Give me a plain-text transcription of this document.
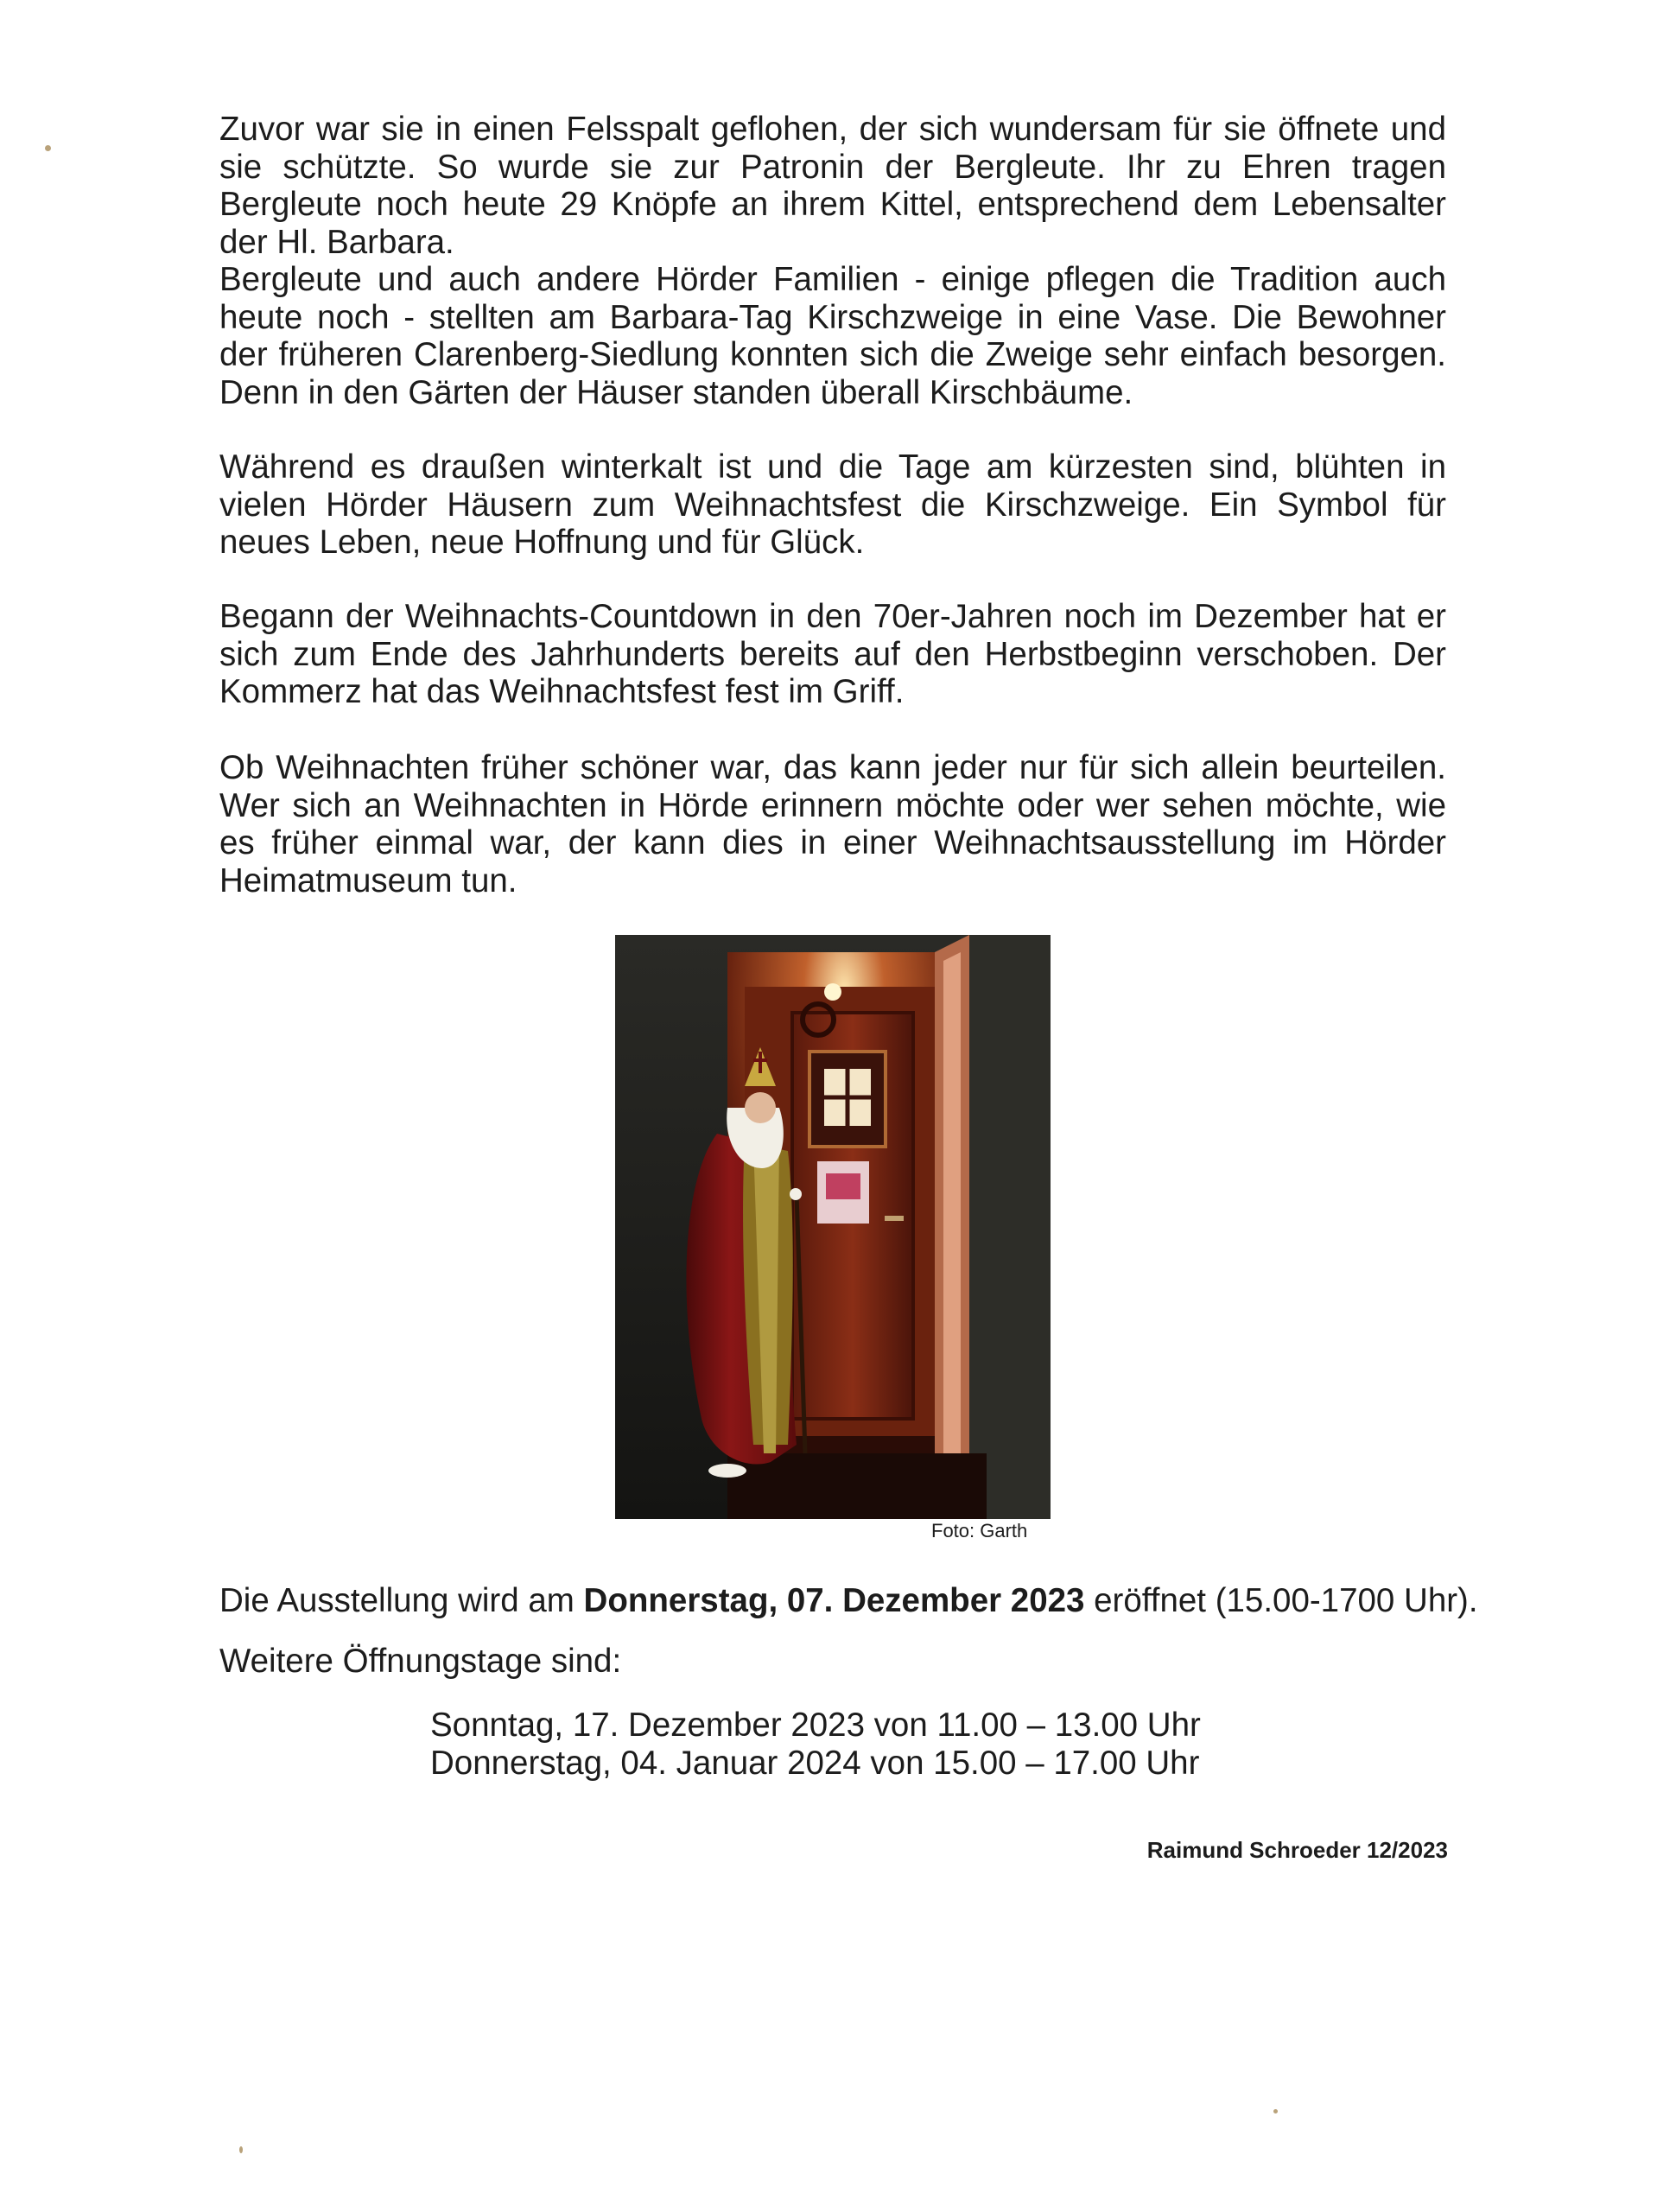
Zuvor war sie in einen Felsspalt geflohen, der sich wundersam für sie öffnete und sie schützte. So wurde sie zur Patronin der Bergleute. Ihr zu Ehren tragen Bergleute noch heute 29 Knöpfe an ihrem Kittel, entsprechend dem Lebensalter der Hl. Barbara.

Bergleute und auch andere Hörder Familien - einige pflegen die Tradition auch heute noch - stellten am Barbara-Tag Kirschzweige in eine Vase. Die Bewohner der früheren Clarenberg-Siedlung konnten sich die Zweige sehr einfach besorgen. Denn in den Gärten der Häuser standen überall Kirschbäume.

Während es draußen winterkalt ist und die Tage am kürzesten sind, blühten in vielen Hörder Häusern zum Weihnachtsfest die Kirschzweige. Ein Symbol für neues Leben, neue Hoffnung und für Glück.

Begann der Weihnachts-Countdown in den 70er-Jahren noch im Dezember hat er sich zum Ende des Jahrhunderts bereits auf den Herbstbeginn verschoben. Der Kommerz hat das Weihnachtsfest fest im Griff.

Ob Weihnachten früher schöner war, das kann jeder nur für sich allein beurteilen. Wer sich an Weihnachten in Hörde erinnern möchte oder wer sehen möchte, wie es früher einmal war, der kann dies in einer Weihnachtsausstellung im Hörder Heimatmuseum tun.

Foto: Garth
Die Ausstellung wird am Donnerstag, 07. Dezember 2023 eröffnet (15.00-1700 Uhr).
Weitere Öffnungstage sind:
Sonntag, 17. Dezember 2023 von 11.00 – 13.00 Uhr
Donnerstag, 04. Januar 2024 von 15.00 – 17.00 Uhr
Raimund Schroeder 12/2023
